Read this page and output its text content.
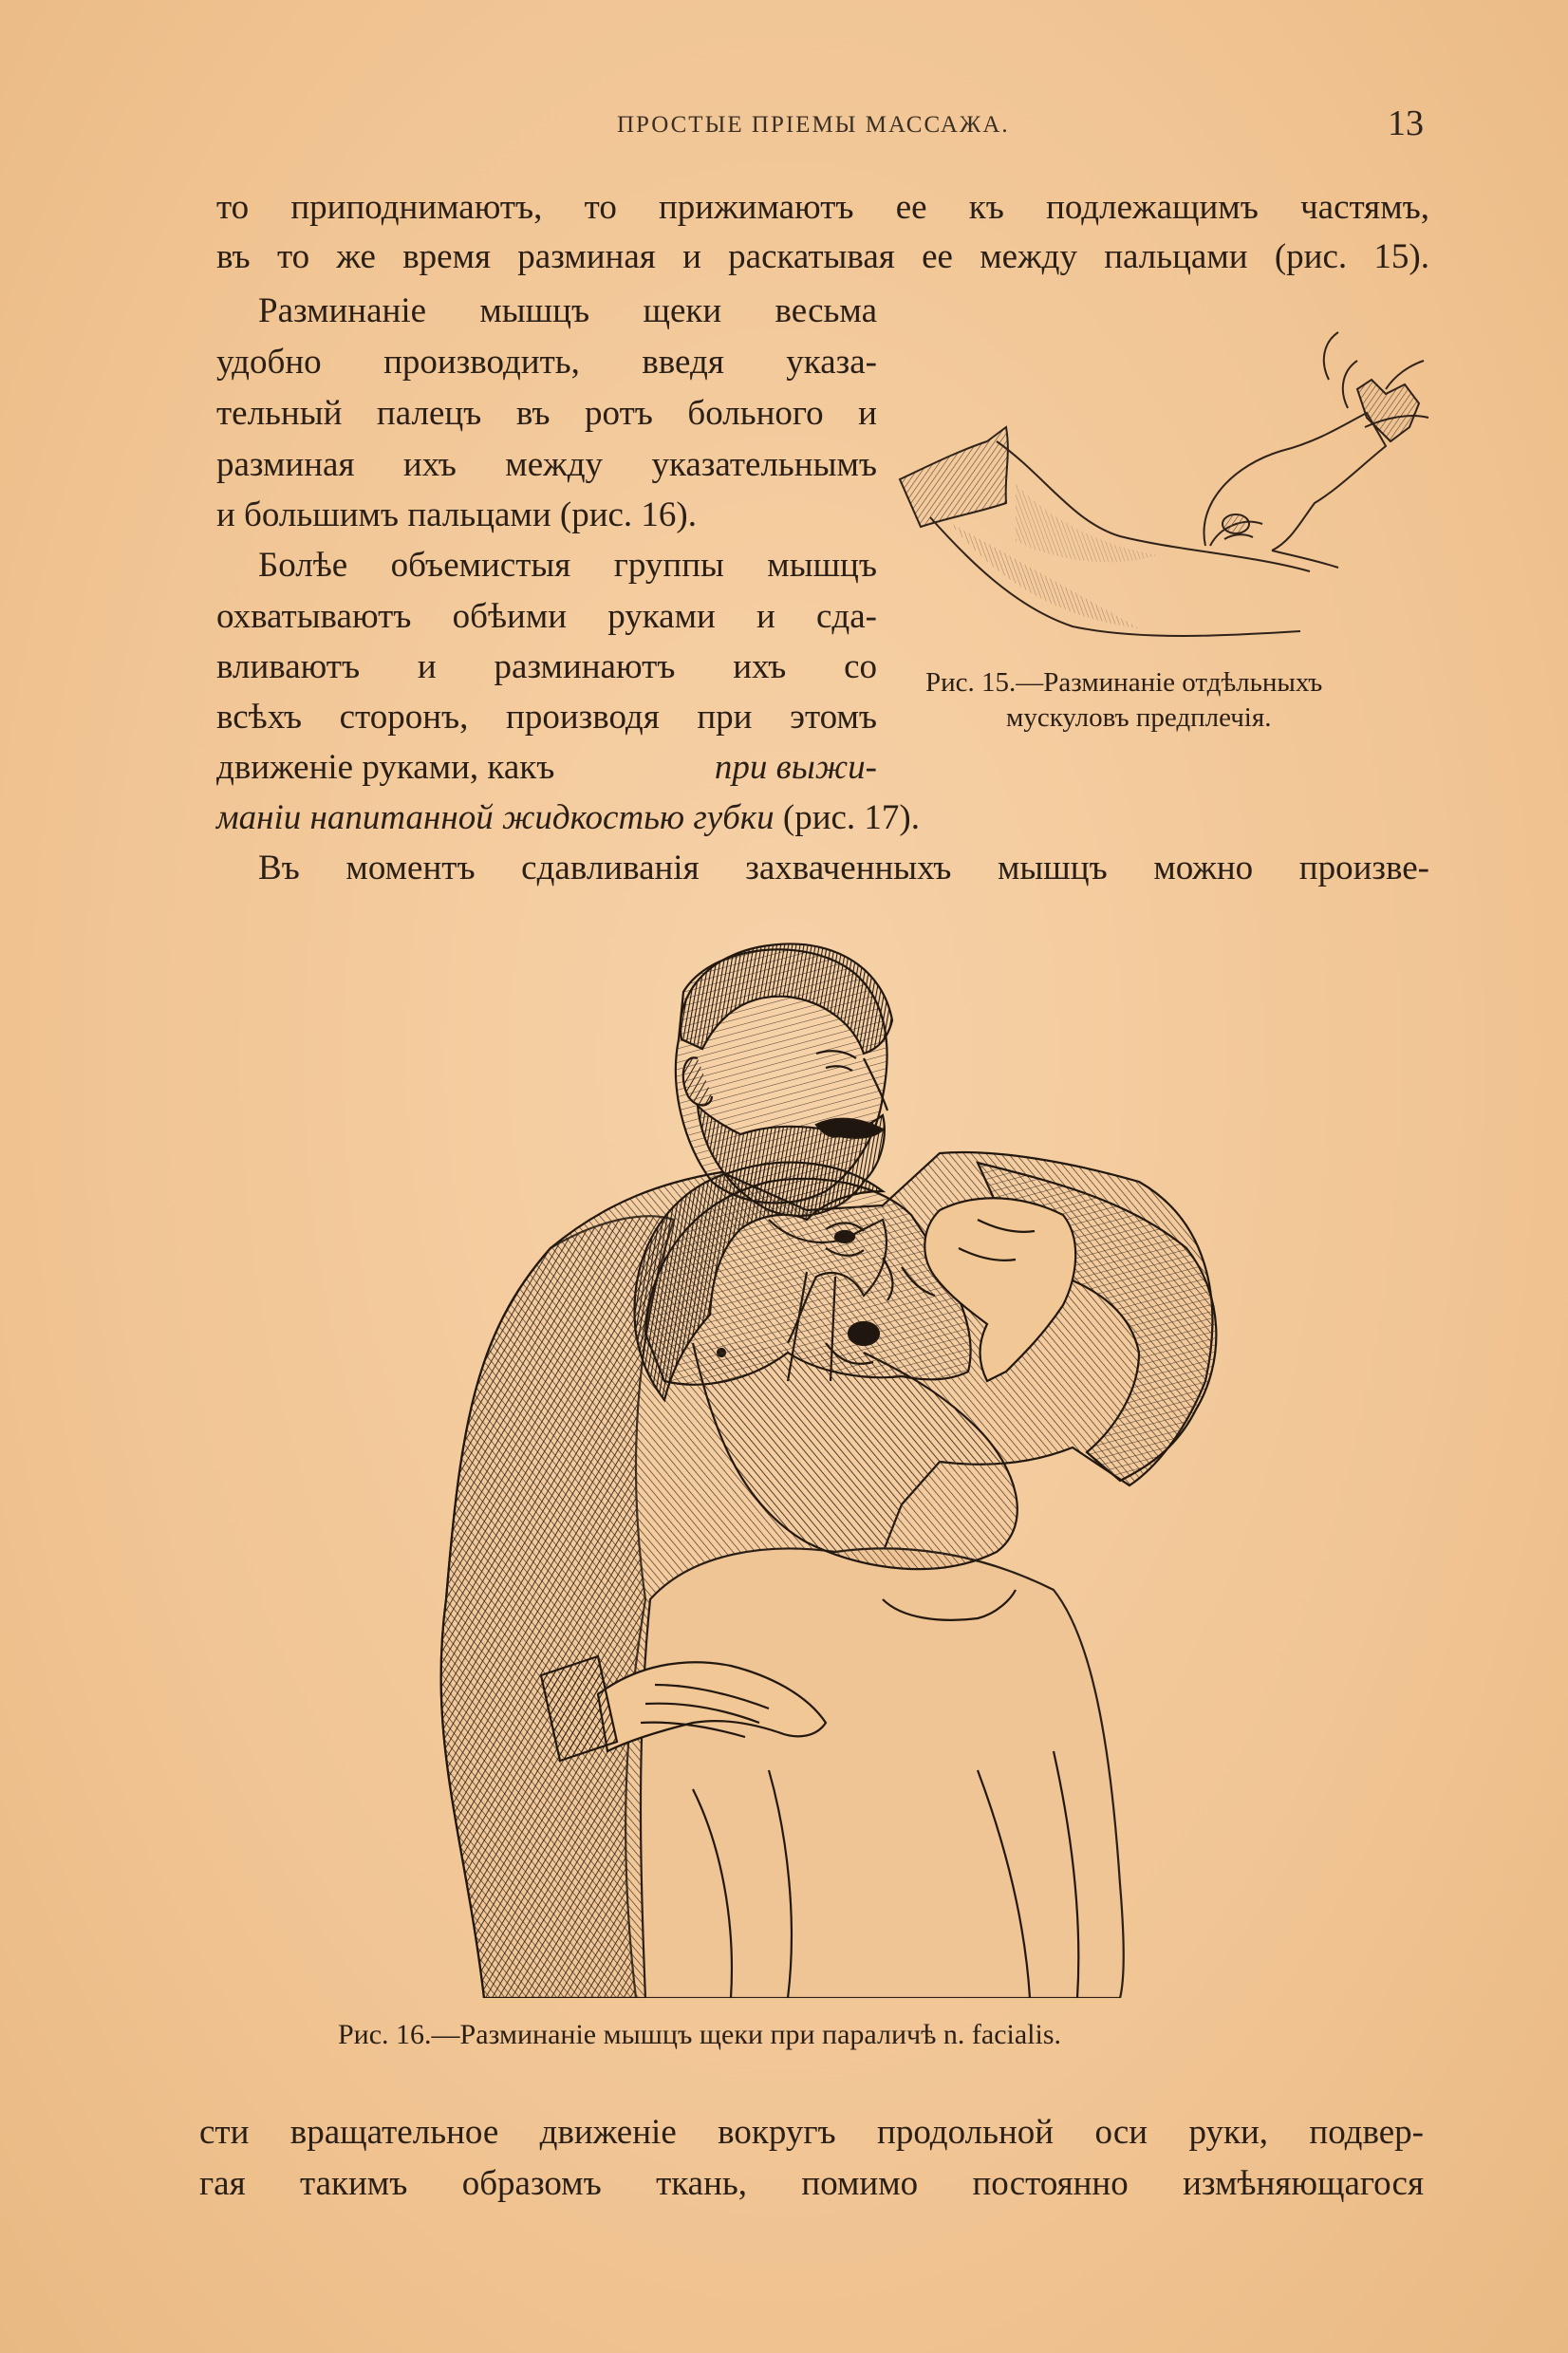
ПРОСТЫЕ ПРІЕМЫ МАССАЖА.	13
то приподнимаютъ, то прижимаютъ ее къ подлежащимъ частямъ,
въ то же время разминая и раскатывая ее между пальцами (рис. 15).
Разминаніе мышцъ щеки весьма
удобно производить, введя указа-
тельный палецъ въ ротъ больного и
разминая ихъ между указательнымъ
и большимъ пальцами (рис. 16).
Болѣе объемистыя группы мышцъ
охватываютъ обѣими руками и сда-
вливаютъ и разминаютъ ихъ со
всѣхъ сторонъ, производя при этомъ
движеніе руками, какъ	при выжи-
маніи напитанной жидкостью губки (рис. 17).
Въ моментъ сдавливанія захваченныхъ мышцъ можно произве-
Рис. 15.—Разминаніе отдѣльныхъ
мускуловъ предплечія.
Рис. 16.—Разминаніе мышцъ щеки при параличѣ n. facialis.
сти вращательное движеніе вокругъ продольной оси руки, подвер-
гая такимъ образомъ ткань, помимо постоянно измѣняющагося
